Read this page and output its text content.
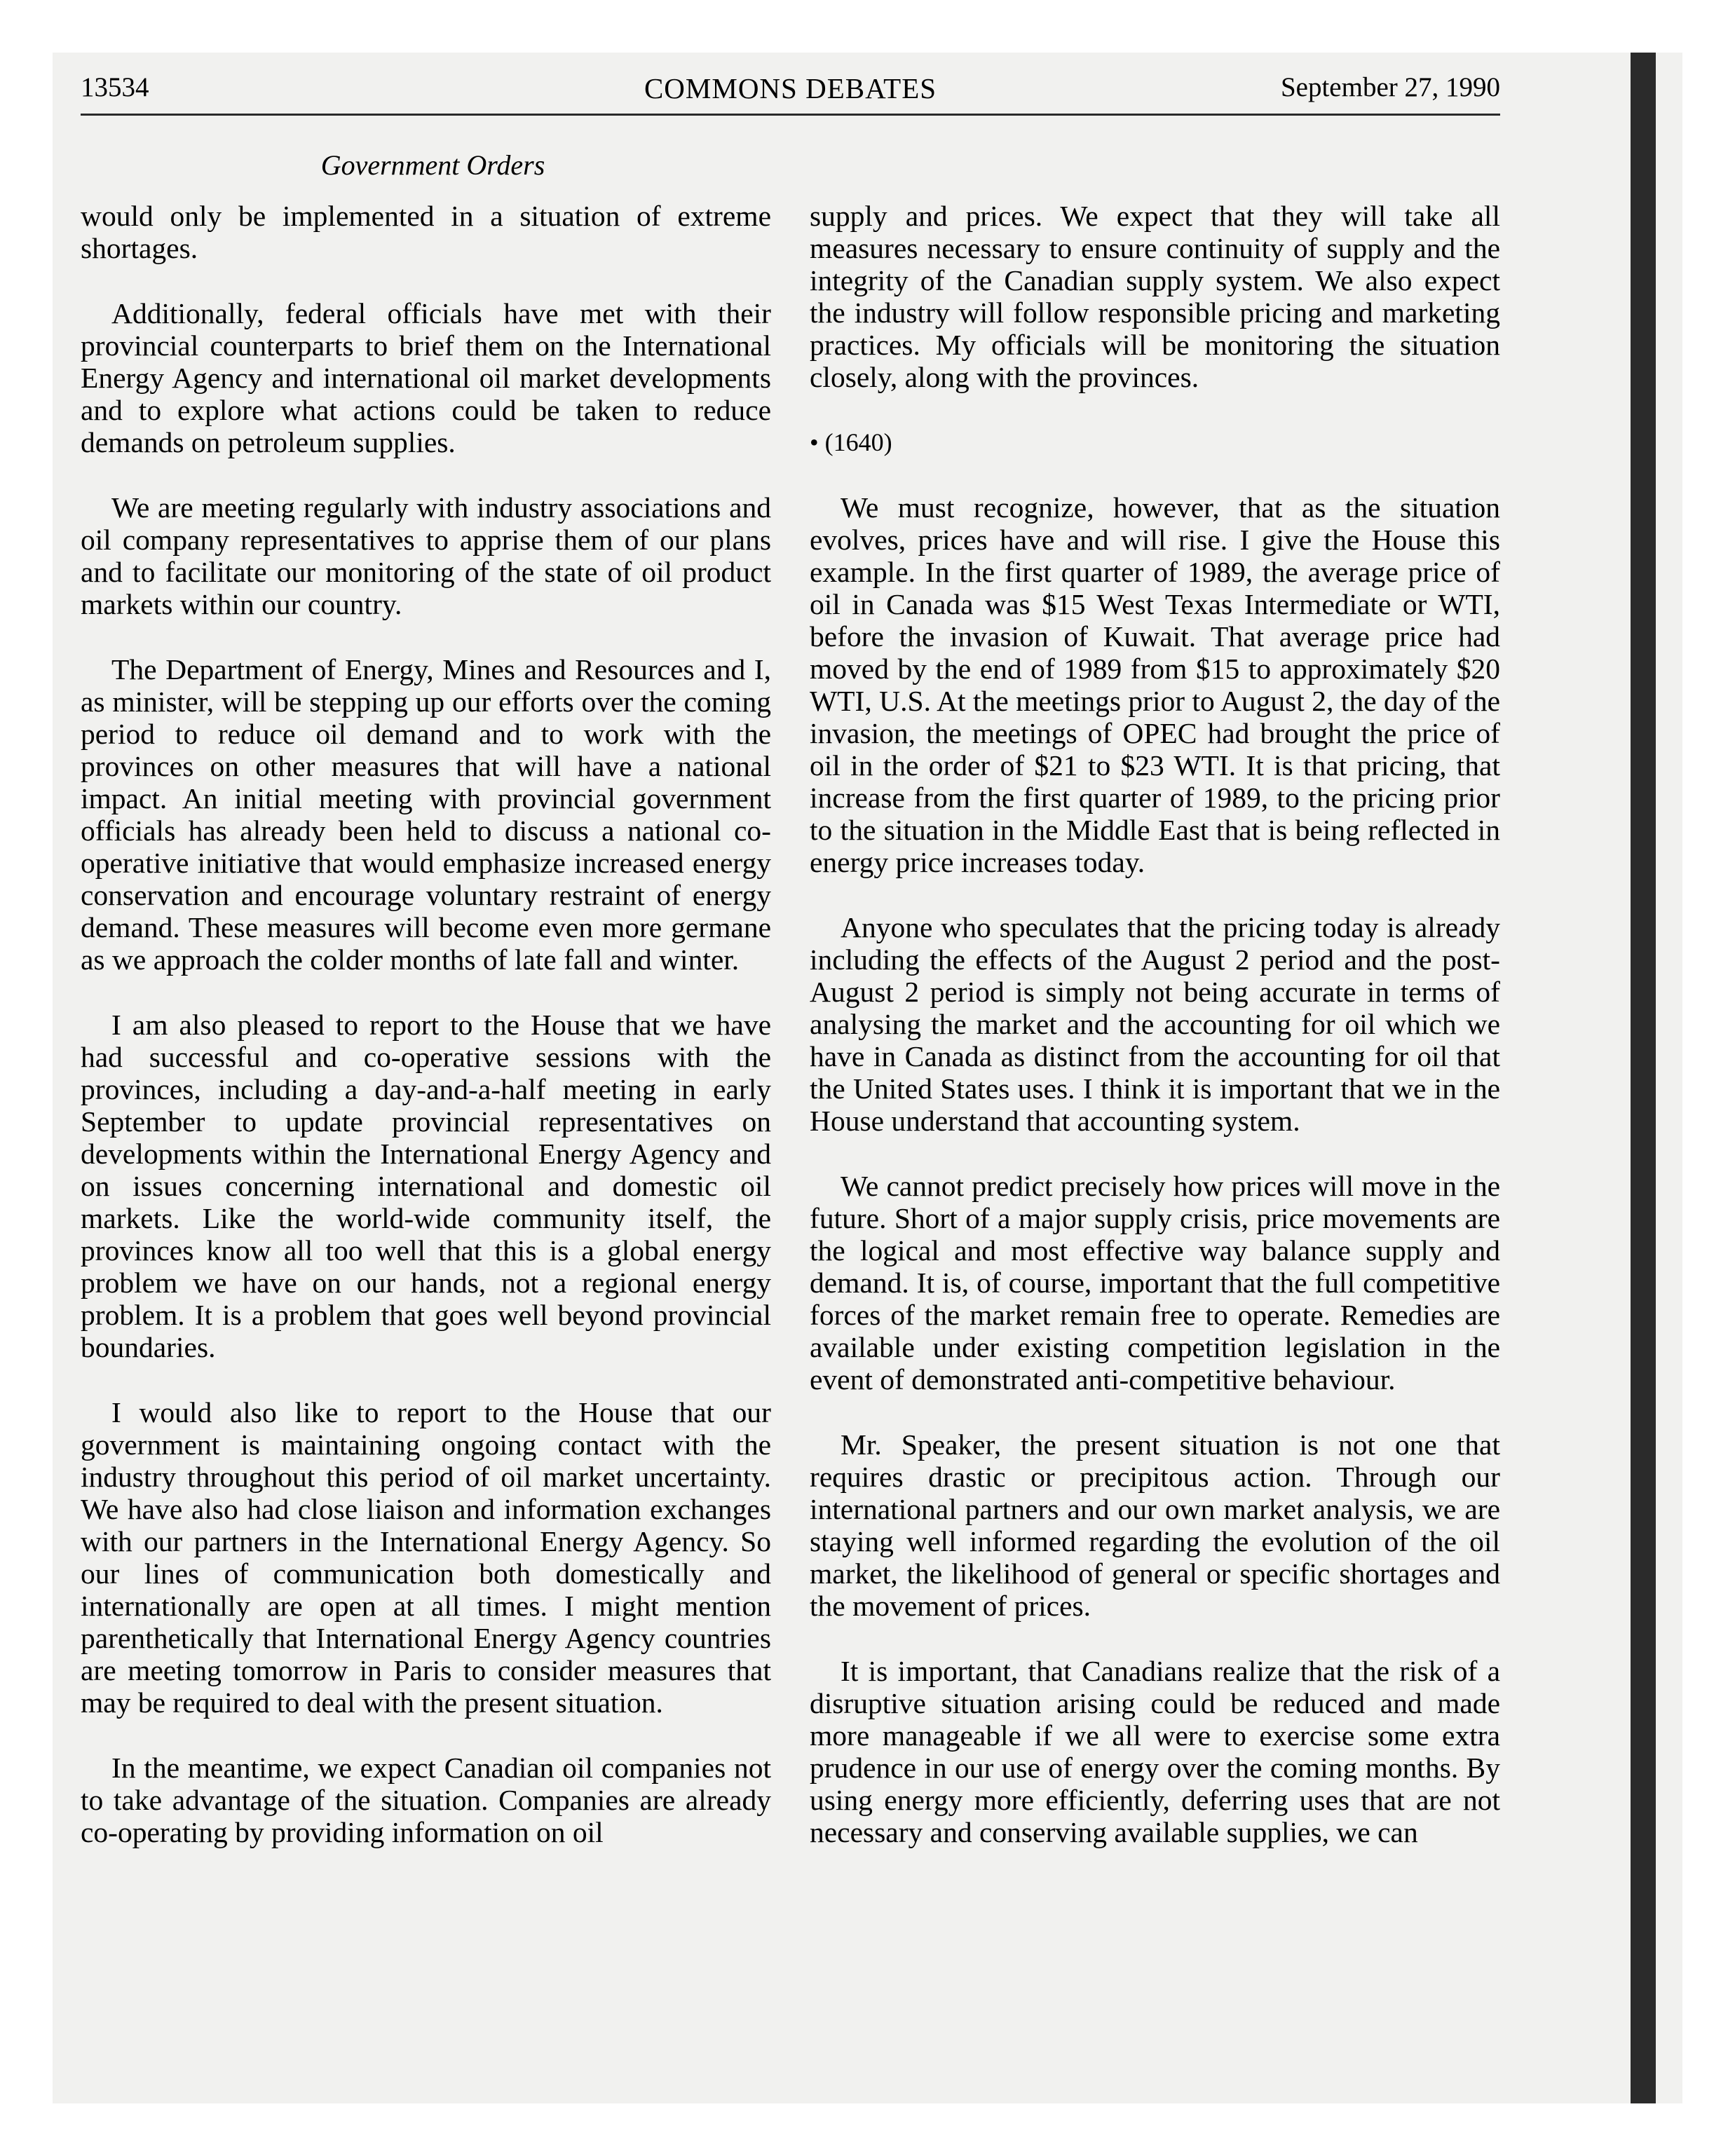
13534	COMMONS DEBATES	September 27, 1990
Government Orders

would only be implemented in a situation of extreme shortages.

Additionally, federal officials have met with their provincial counterparts to brief them on the International Energy Agency and international oil market developments and to explore what actions could be taken to reduce demands on petroleum supplies.

We are meeting regularly with industry associations and oil company representatives to apprise them of our plans and to facilitate our monitoring of the state of oil product markets within our country.

The Department of Energy, Mines and Resources and I, as minister, will be stepping up our efforts over the coming period to reduce oil demand and to work with the provinces on other measures that will have a national impact. An initial meeting with provincial government officials has already been held to discuss a national co-operative initiative that would emphasize increased energy conservation and encourage voluntary restraint of energy demand. These measures will become even more germane as we approach the colder months of late fall and winter.

I am also pleased to report to the House that we have had successful and co-operative sessions with the provinces, including a day-and-a-half meeting in early September to update provincial representatives on developments within the International Energy Agency and on issues concerning international and domestic oil markets. Like the world-wide community itself, the provinces know all too well that this is a global energy problem we have on our hands, not a regional energy problem. It is a problem that goes well beyond provincial boundaries.

I would also like to report to the House that our government is maintaining ongoing contact with the industry throughout this period of oil market uncertainty. We have also had close liaison and information exchanges with our partners in the International Energy Agency. So our lines of communication both domestically and internationally are open at all times. I might mention parenthetically that International Energy Agency countries are meeting tomorrow in Paris to consider measures that may be required to deal with the present situation.

In the meantime, we expect Canadian oil companies not to take advantage of the situation. Companies are already co-operating by providing information on oil

supply and prices. We expect that they will take all measures necessary to ensure continuity of supply and the integrity of the Canadian supply system. We also expect the industry will follow responsible pricing and marketing practices. My officials will be monitoring the situation closely, along with the provinces.

• (1640)

We must recognize, however, that as the situation evolves, prices have and will rise. I give the House this example. In the first quarter of 1989, the average price of oil in Canada was $15 West Texas Intermediate or WTI, before the invasion of Kuwait. That average price had moved by the end of 1989 from $15 to approximately $20 WTI, U.S. At the meetings prior to August 2, the day of the invasion, the meetings of OPEC had brought the price of oil in the order of $21 to $23 WTI. It is that pricing, that increase from the first quarter of 1989, to the pricing prior to the situation in the Middle East that is being reflected in energy price increases today.

Anyone who speculates that the pricing today is already including the effects of the August 2 period and the post-August 2 period is simply not being accurate in terms of analysing the market and the accounting for oil which we have in Canada as distinct from the accounting for oil that the United States uses. I think it is important that we in the House understand that accounting system.

We cannot predict precisely how prices will move in the future. Short of a major supply crisis, price movements are the logical and most effective way balance supply and demand. It is, of course, important that the full competitive forces of the market remain free to operate. Remedies are available under existing competition legislation in the event of demonstrated anti-competitive behaviour.

Mr. Speaker, the present situation is not one that requires drastic or precipitous action. Through our international partners and our own market analysis, we are staying well informed regarding the evolution of the oil market, the likelihood of general or specific shortages and the movement of prices.

It is important, that Canadians realize that the risk of a disruptive situation arising could be reduced and made more manageable if we all were to exercise some extra prudence in our use of energy over the coming months. By using energy more efficiently, deferring uses that are not necessary and conserving available supplies, we can
